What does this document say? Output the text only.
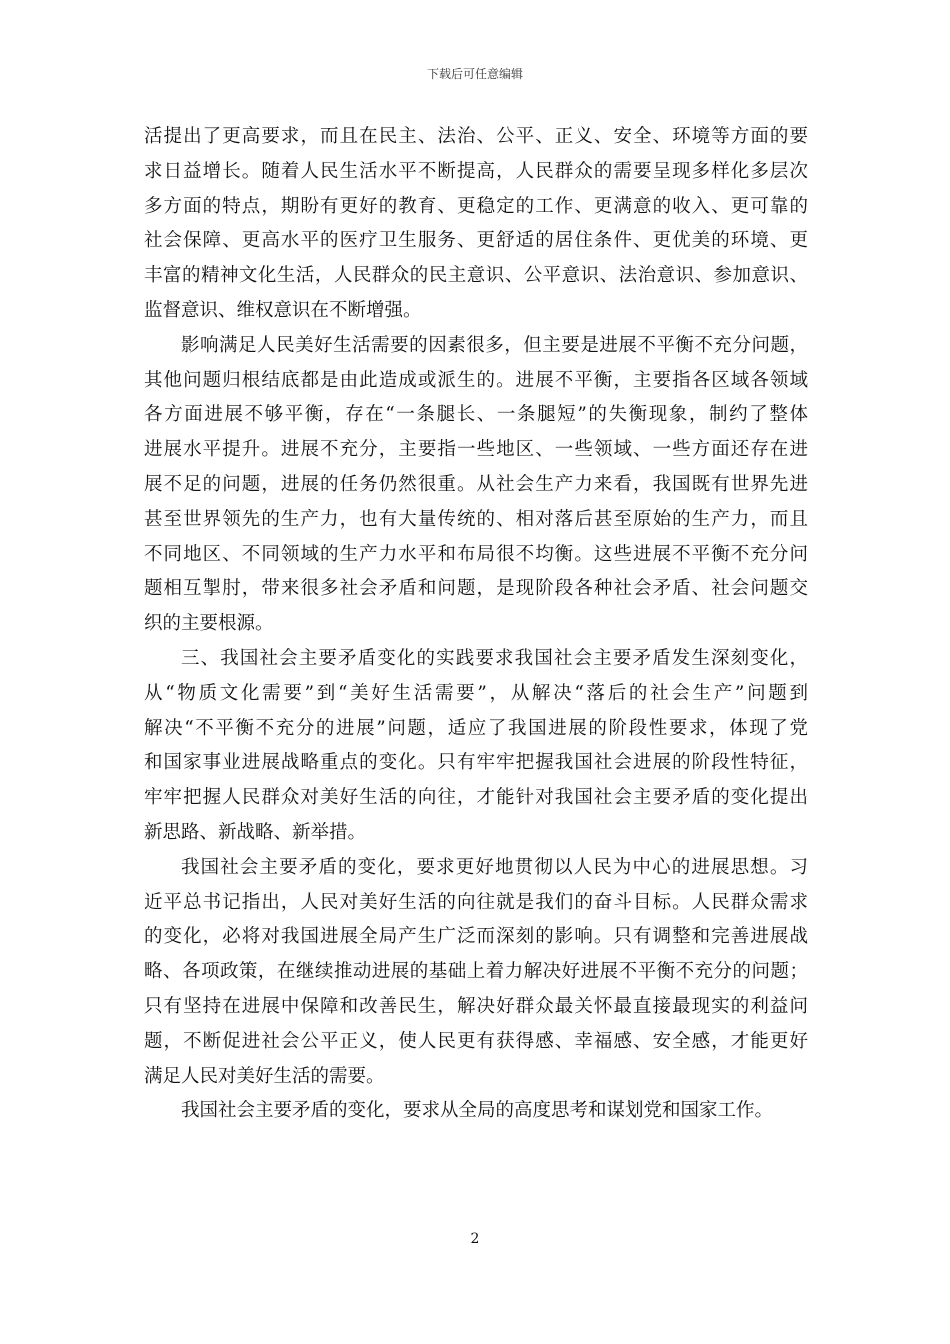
下载后可任意编辑

活提出了更高要求，而且在民主、法治、公平、正义、安全、环境等方面的要
求日益增长。随着人民生活水平不断提高，人民群众的需要呈现多样化多层次
多方面的特点，期盼有更好的教育、更稳定的工作、更满意的收入、更可靠的
社会保障、更高水平的医疗卫生服务、更舒适的居住条件、更优美的环境、更
丰富的精神文化生活，人民群众的民主意识、公平意识、法治意识、参加意识、
监督意识、维权意识在不断增强。

影响满足人民美好生活需要的因素很多，但主要是进展不平衡不充分问题，
其他问题归根结底都是由此造成或派生的。进展不平衡，主要指各区域各领域
各方面进展不够平衡，存在“一条腿长、一条腿短”的失衡现象，制约了整体
进展水平提升。进展不充分，主要指一些地区、一些领域、一些方面还存在进
展不足的问题，进展的任务仍然很重。从社会生产力来看，我国既有世界先进
甚至世界领先的生产力，也有大量传统的、相对落后甚至原始的生产力，而且
不同地区、不同领域的生产力水平和布局很不均衡。这些进展不平衡不充分问
题相互掣肘，带来很多社会矛盾和问题，是现阶段各种社会矛盾、社会问题交
织的主要根源。

三、我国社会主要矛盾变化的实践要求我国社会主要矛盾发生深刻变化，
从“物质文化需要”到“美好生活需要”，从解决“落后的社会生产”问题到
解决“不平衡不充分的进展”问题，适应了我国进展的阶段性要求，体现了党
和国家事业进展战略重点的变化。只有牢牢把握我国社会进展的阶段性特征，
牢牢把握人民群众对美好生活的向往，才能针对我国社会主要矛盾的变化提出
新思路、新战略、新举措。

我国社会主要矛盾的变化，要求更好地贯彻以人民为中心的进展思想。习
近平总书记指出，人民对美好生活的向往就是我们的奋斗目标。人民群众需求
的变化，必将对我国进展全局产生广泛而深刻的影响。只有调整和完善进展战
略、各项政策，在继续推动进展的基础上着力解决好进展不平衡不充分的问题；
只有坚持在进展中保障和改善民生，解决好群众最关怀最直接最现实的利益问
题，不断促进社会公平正义，使人民更有获得感、幸福感、安全感，才能更好
满足人民对美好生活的需要。

我国社会主要矛盾的变化，要求从全局的高度思考和谋划党和国家工作。

2
